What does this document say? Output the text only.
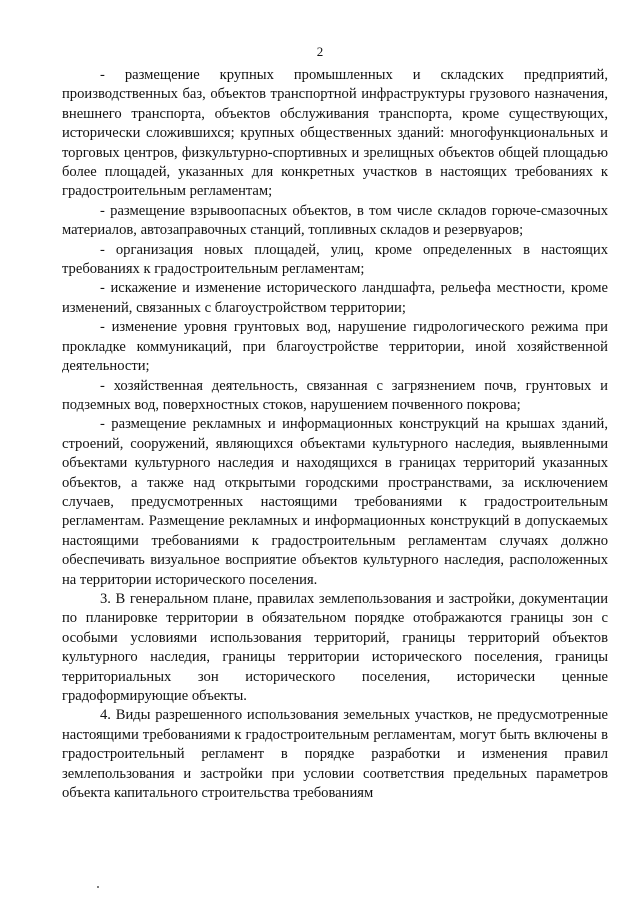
2

- размещение крупных промышленных и складских предприятий, производственных баз, объектов транспортной инфраструктуры грузового назначения, внешнего транспорта, объектов обслуживания транспорта, кроме существующих, исторически сложившихся; крупных общественных зданий: многофункциональных и торговых центров, физкультурно-спортивных и зрелищных объектов общей площадью более площадей, указанных для конкретных участков в настоящих требованиях к градостроительным регламентам;

- размещение взрывоопасных объектов, в том числе складов горюче-смазочных материалов, автозаправочных станций, топливных складов и резервуаров;

- организация новых площадей, улиц, кроме определенных в настоящих требованиях к градостроительным регламентам;

- искажение и изменение исторического ландшафта, рельефа местности, кроме изменений, связанных с благоустройством территории;

- изменение уровня грунтовых вод, нарушение гидрологического режима при прокладке коммуникаций, при благоустройстве территории, иной хозяйственной деятельности;

- хозяйственная деятельность, связанная с загрязнением почв, грунтовых и подземных вод, поверхностных стоков, нарушением почвенного покрова;

- размещение рекламных и информационных конструкций на крышах зданий, строений, сооружений, являющихся объектами культурного наследия, выявленными объектами культурного наследия и находящихся в границах территорий указанных объектов, а также над открытыми городскими пространствами, за исключением случаев, предусмотренных настоящими требованиями к градостроительным регламентам. Размещение рекламных и информационных конструкций в допускаемых настоящими требованиями к градостроительным регламентам случаях должно обеспечивать визуальное восприятие объектов культурного наследия, расположенных на территории исторического поселения.

3. В генеральном плане, правилах землепользования и застройки, документации по планировке территории в обязательном порядке отображаются границы зон с особыми условиями использования территорий, границы территорий объектов культурного наследия, границы территории исторического поселения, границы территориальных зон исторического поселения, исторически ценные градоформирующие объекты.

4. Виды разрешенного использования земельных участков, не предусмотренные настоящими требованиями к градостроительным регламентам, могут быть включены в градостроительный регламент в порядке разработки и изменения правил землепользования и застройки при условии соответствия предельных параметров объекта капитального строительства требованиям
